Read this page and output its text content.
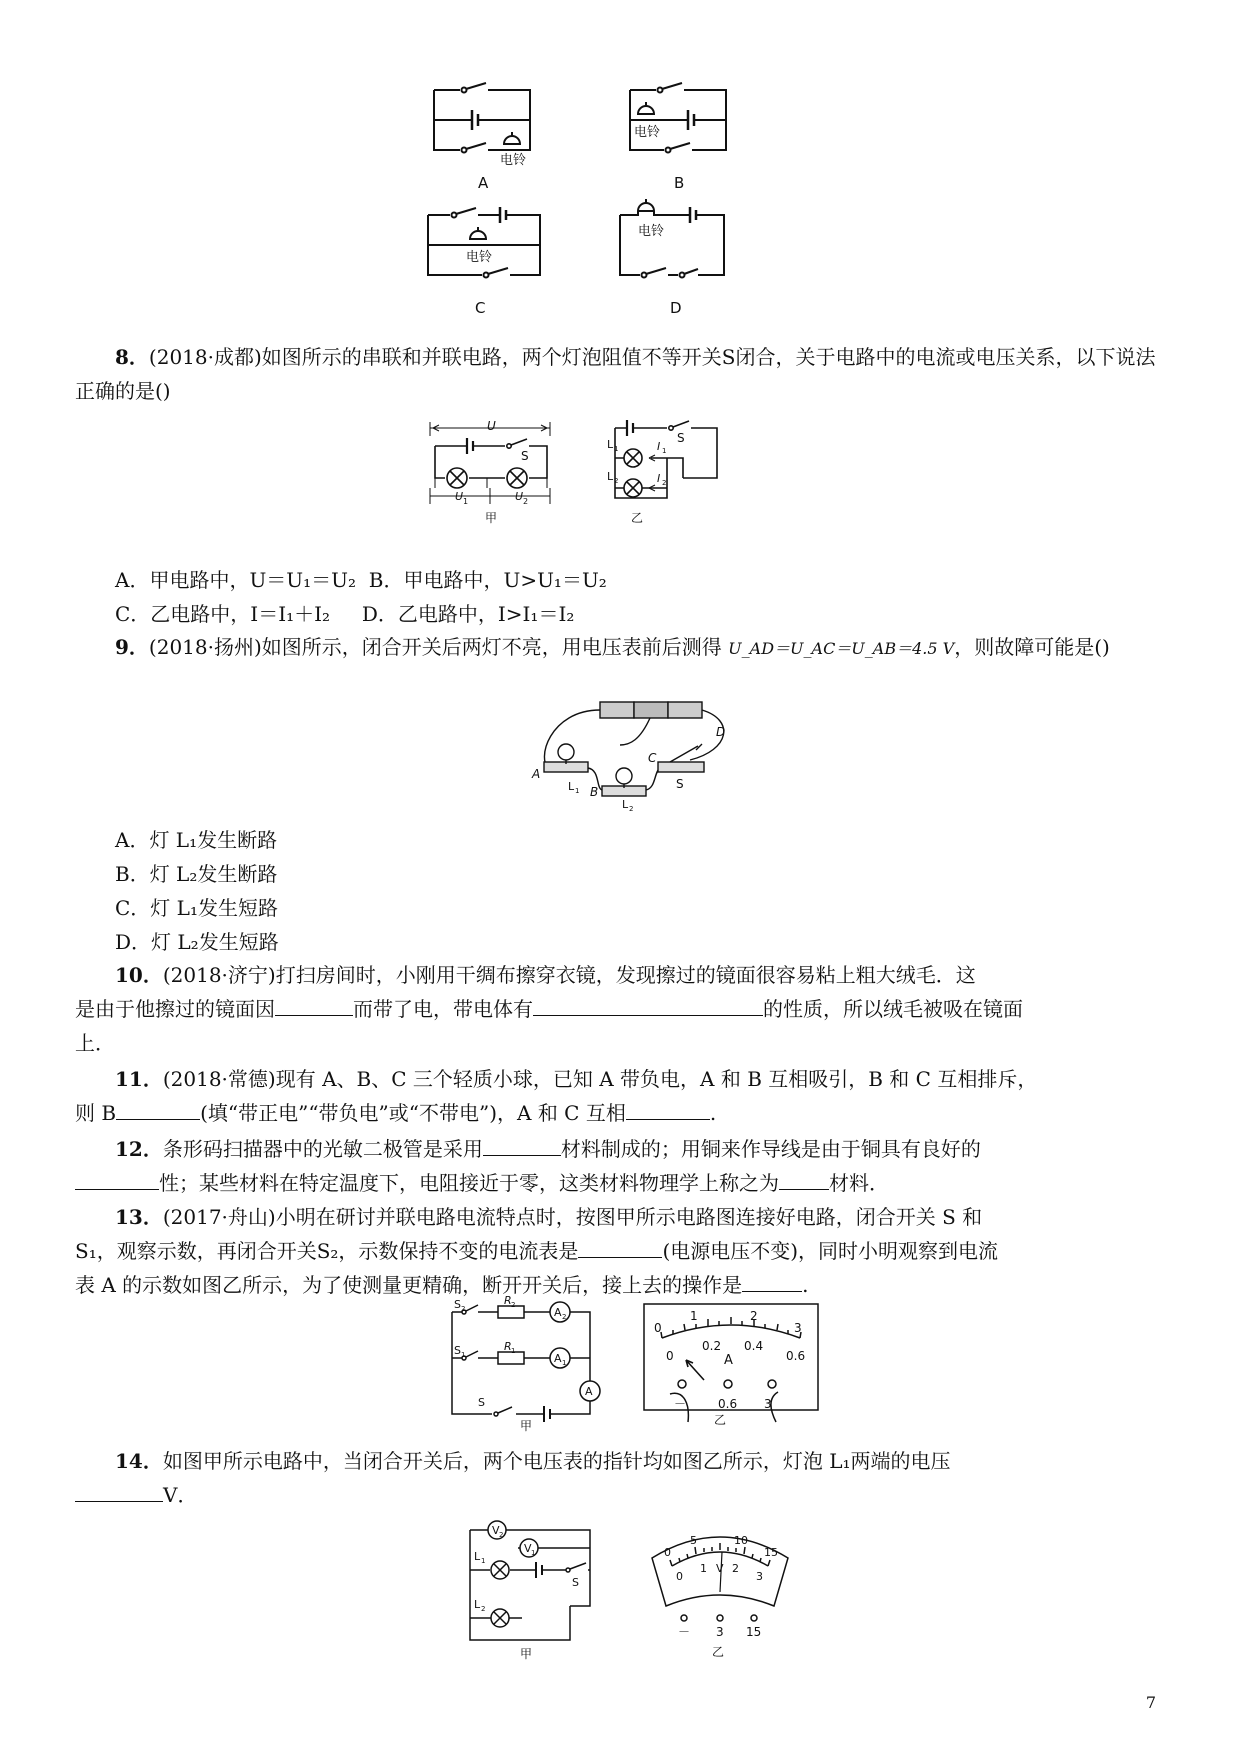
电铃
A
电铃
B
电铃
C
电铃
D
8．(2018·成都)如图所示的串联和并联电路，两个灯泡阻值不等开关S闭合，关于电路中的电流或电压关系，以下说法正确的是()
U
S
U 1	U 2
甲
S
L 1
L 2
I 1
I 2
乙
A．甲电路中，U＝U₁＝U₂ B．甲电路中，U>U₁＝U₂
C．乙电路中，I＝I₁＋I₂ D．乙电路中，I>I₁＝I₂
9．(2018·扬州)如图所示，闭合开关后两灯不亮，用电压表前后测得 U_AD＝U_AC＝U_AB＝4.5 V，则故障可能是()
A
B
C
D
S
L 1
L 2
A．灯 L₁发生断路
B．灯 L₂发生断路
C．灯 L₁发生短路
D．灯 L₂发生短路
10．(2018·济宁)打扫房间时，小刚用干绸布擦穿衣镜，发现擦过的镜面很容易粘上粗大绒毛．这
是由于他擦过的镜面因	而带了电，带电体有	的性质，所以绒毛被吸在镜面
上．
11．(2018·常德)现有 A、B、C 三个轻质小球，已知 A 带负电，A 和 B 互相吸引，B 和 C 互相排斥，
则 B	(填“带正电”“带负电”或“不带电”)，A 和 C 互相	.
12．条形码扫描器中的光敏二极管是采用	材料制成的；用铜来作导线是由于铜具有良好的
性；某些材料在特定温度下，电阻接近于零，这类材料物理学上称之为	材料．
13．(2017·舟山)小明在研讨并联电路电流特点时，按图甲所示电路图连接好电路，闭合开关 S 和
S₁，观察示数，再闭合开关S₂，示数保持不变的电流表是	(电源电压不变)，同时小明观察到电流
表 A 的示数如图乙所示，为了使测量更精确，断开开关后，接上去的操作是	.
S 2
R 2
A 2
S 1
R 1
A 1
A
S
甲
0
1	2
3
0
0.2 0.4
0.6
A
－	0.6 3
乙
14．如图甲所示电路中，当闭合开关后，两个电压表的指针均如图乙所示，灯泡 L₁两端的电压
V．
V 2
V 1
L 1
L 2
S
甲
0
5	10
15
0
1 2
3
V
－ 3 15
乙
7
